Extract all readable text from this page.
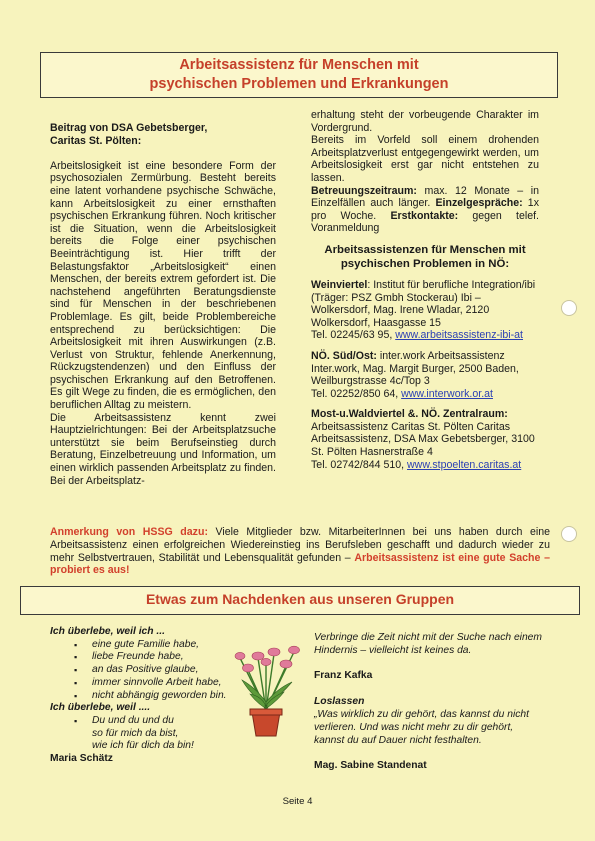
Arbeitsassistenz für Menschen mit
psychischen Problemen und Erkrankungen

Beitrag von DSA Gebetsberger,

Caritas St. Pölten:

Arbeitslosigkeit ist eine besondere Form der psychosozialen Zermürbung. Besteht bereits eine latent vorhandene psychische Schwäche, kann Arbeitslosigkeit zu einer ernsthaften psychischen Erkrankung führen. Noch kritischer ist die Situation, wenn die Arbeitslosigkeit bereits die Folge einer psychischen Beeinträchtigung ist. Hier trifft der Belastungsfaktor „Arbeitslosigkeit“ einen Menschen, der bereits extrem gefordert ist. Die nachstehend angeführten Beratungsdienste sind für Menschen in der beschriebenen Problemlage. Es gilt, beide Problembereiche entsprechend zu berücksichtigen: Die Arbeitslosigkeit mit ihren Auswirkungen (z.B. Verlust von Struktur, fehlende Anerkennung, Rückzugstendenzen) und den Einfluss der psychischen Erkrankung auf den Betroffenen. Es gilt Wege zu finden, die es ermöglichen, den beruflichen Alltag zu meistern.

Die Arbeitsassistenz kennt zwei Hauptzielrichtungen: Bei der Arbeitsplatzsuche unterstützt sie beim Berufseinstieg durch Beratung, Einzelbetreuung und Information, um einen wirklich passenden Arbeitsplatz zu finden. Bei der Arbeitsplatz-

erhaltung steht der vorbeugende Charakter im Vordergrund.

Bereits im Vorfeld soll einem drohenden Arbeitsplatzverlust entgegengewirkt werden, um Arbeitslosigkeit erst gar nicht entstehen zu lassen.

Betreuungszeitraum: max. 12 Monate – in Einzelfällen auch länger. Einzelgespräche: 1x pro Woche. Erstkontakte: gegen telef. Voranmeldung

Arbeitsassistenzen für Menschen mit psychischen Problemen in NÖ:
Weinviertel: Institut für berufliche Integration/ibi (Träger: PSZ Gmbh Stockerau) Ibi – Wolkersdorf, Mag. Irene Wladar, 2120 Wolkersdorf, Haasgasse 15
Tel. 02245/63 95, www.arbeitsassistenz-ibi-at
NÖ. Süd/Ost: inter.work Arbeitsassistenz Inter.work, Mag. Margit Burger, 2500 Baden, Weilburgstrasse 4c/Top 3
Tel. 02252/850 64, www.interwork.or.at
Most-u.Waldviertel &. NÖ. Zentralraum:
Arbeitsassistenz Caritas St. Pölten Caritas Arbeitsassistenz, DSA Max Gebetsberger, 3100 St. Pölten Hasnerstraße 4
Tel. 02742/844 510, www.stpoelten.caritas.at
Anmerkung von HSSG dazu: Viele Mitglieder bzw. MitarbeiterInnen bei uns haben durch eine Arbeitsassistenz einen erfolgreichen Wiedereinstieg ins Berufsleben geschafft und dadurch wieder zu mehr Selbstvertrauen, Stabilität und Lebensqualität gefunden – Arbeitsassistenz ist eine gute Sache – probiert es aus!
Etwas zum Nachdenken aus unseren Gruppen

Ich überlebe, weil ich ...

▪ eine gute Familie habe,
▪ liebe Freunde habe,
▪ an das Positive glaube,
▪ immer sinnvolle Arbeit habe,
▪ nicht abhängig geworden bin.

Ich überlebe, weil ....

▪ Du und du und du
so für mich da bist,
wie ich für dich da bin!

Maria Schätz

Verbringe die Zeit nicht mit der Suche nach einem Hindernis – vielleicht ist keines da.

Franz Kafka

Loslassen

„Was wirklich zu dir gehört, das kannst du nicht verlieren. Und was nicht mehr zu dir gehört, kannst du auf Dauer nicht festhalten.

Mag. Sabine Standenat

Seite 4
